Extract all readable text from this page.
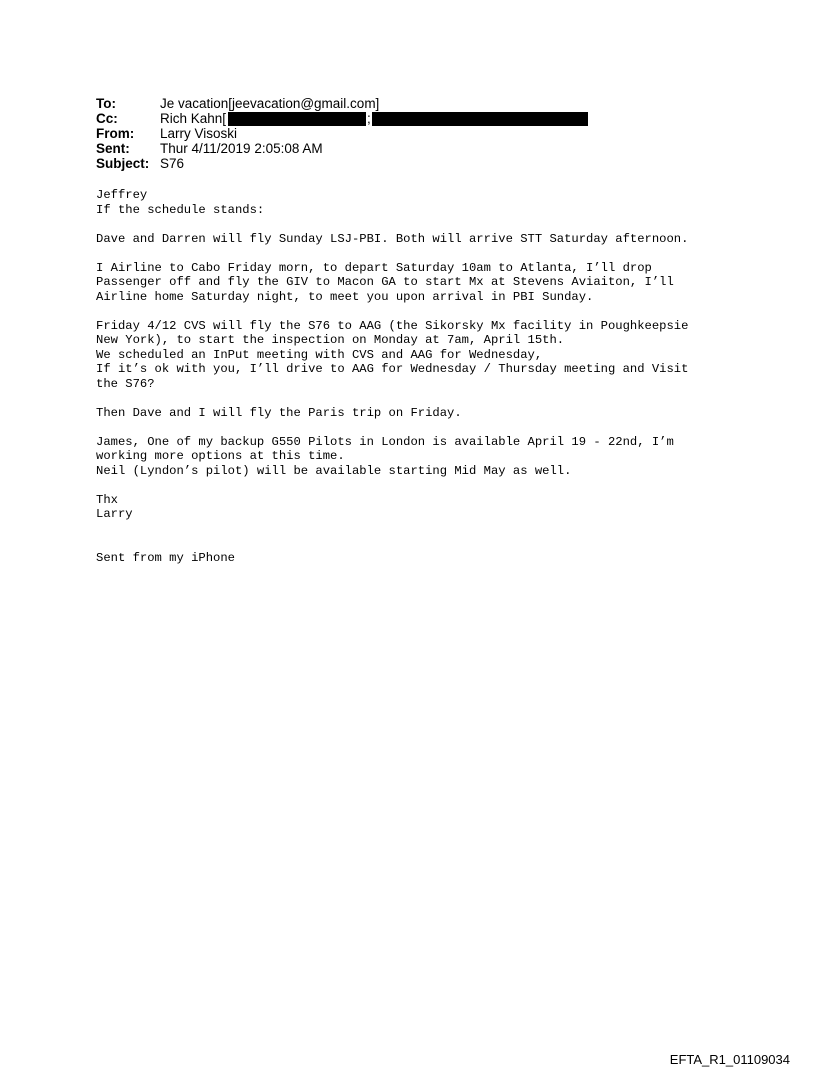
To:	Je vacation[jeevacation@gmail.com]
Cc:	Rich Kahn[	;
From:	Larry Visoski
Sent:	Thur 4/11/2019 2:05:08 AM
Subject: S76

Jeffrey
If the schedule stands:

Dave and Darren will fly Sunday LSJ-PBI. Both will arrive STT Saturday afternoon.

I Airline to Cabo Friday morn, to depart Saturday 10am to Atlanta, I’ll drop
Passenger off and fly the GIV to Macon GA to start Mx at Stevens Aviaiton, I’ll
Airline home Saturday night, to meet you upon arrival in PBI Sunday.

Friday 4/12 CVS will fly the S76 to AAG (the Sikorsky Mx facility in Poughkeepsie
New York), to start the inspection on Monday at 7am, April 15th.
We scheduled an InPut meeting with CVS and AAG for Wednesday,
If it’s ok with you, I’ll drive to AAG for Wednesday / Thursday meeting and Visit
the S76?

Then Dave and I will fly the Paris trip on Friday.

James, One of my backup G550 Pilots in London is available April 19 - 22nd, I’m
working more options at this time.
Neil (Lyndon’s pilot) will be available starting Mid May as well.

Thx
Larry

Sent from my iPhone

EFTA_R1_01109034
